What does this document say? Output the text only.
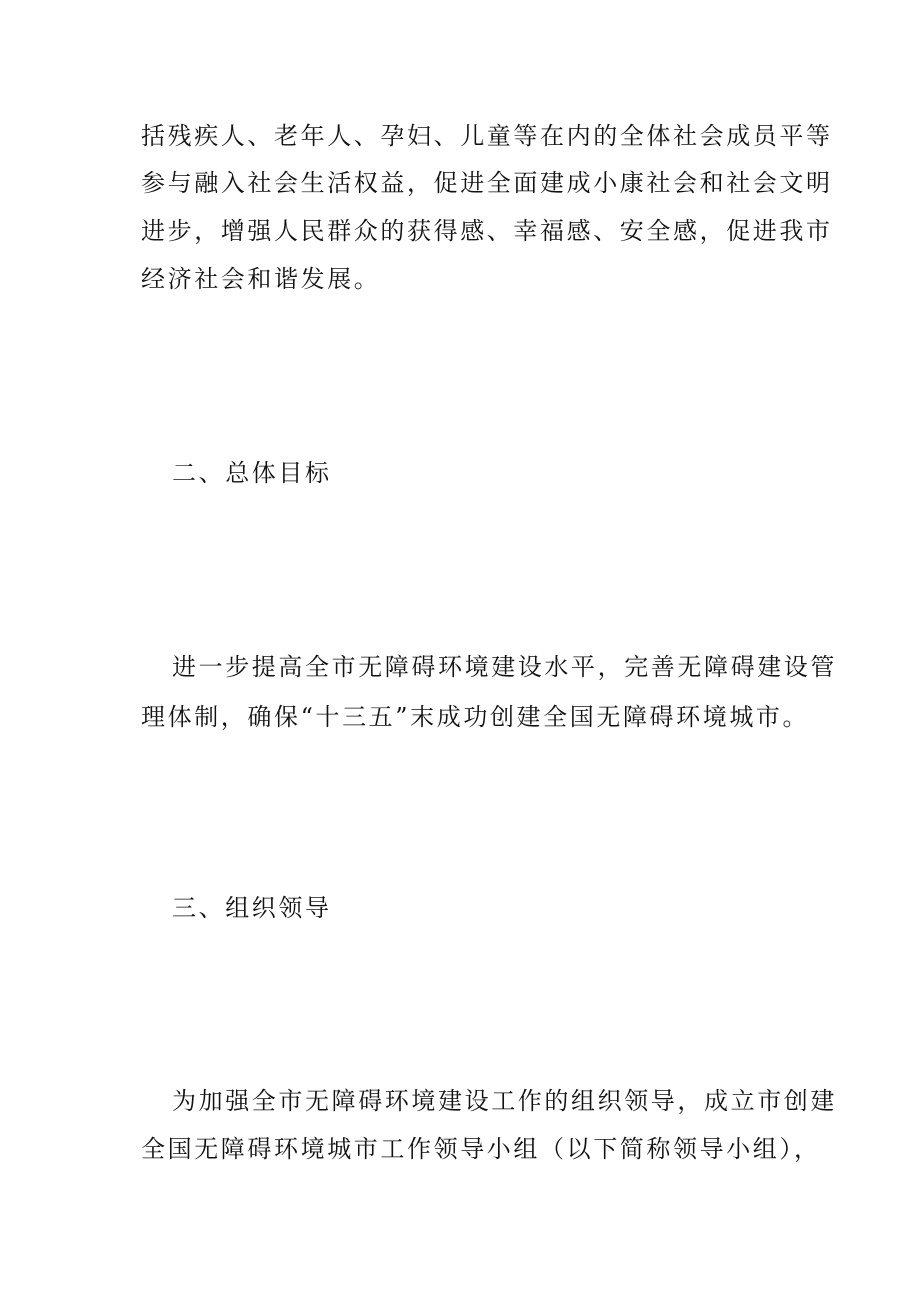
括残疾人、老年人、孕妇、儿童等在内的全体社会成员平等
参与融入社会生活权益，促进全面建成小康社会和社会文明
进步，增强人民群众的获得感、幸福感、安全感，促进我市
经济社会和谐发展。
二、总体目标
进一步提高全市无障碍环境建设水平，完善无障碍建设管
理体制，确保“十三五”末成功创建全国无障碍环境城市。
三、组织领导
为加强全市无障碍环境建设工作的组织领导，成立市创建
全国无障碍环境城市工作领导小组（以下简称领导小组），
